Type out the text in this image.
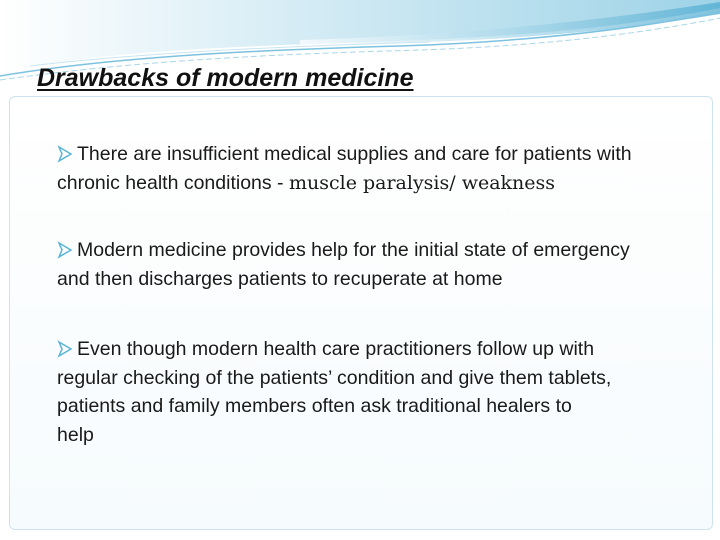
Drawbacks of modern medicine
There are insufficient medical supplies and care for patients with
chronic health conditions - muscle paralysis/ weakness
Modern medicine provides help for the initial state of emergency
and then discharges patients to recuperate at home
Even though modern health care practitioners follow up with
regular checking of the patients’ condition and give them tablets,
patients and family members often ask traditional healers to
help
